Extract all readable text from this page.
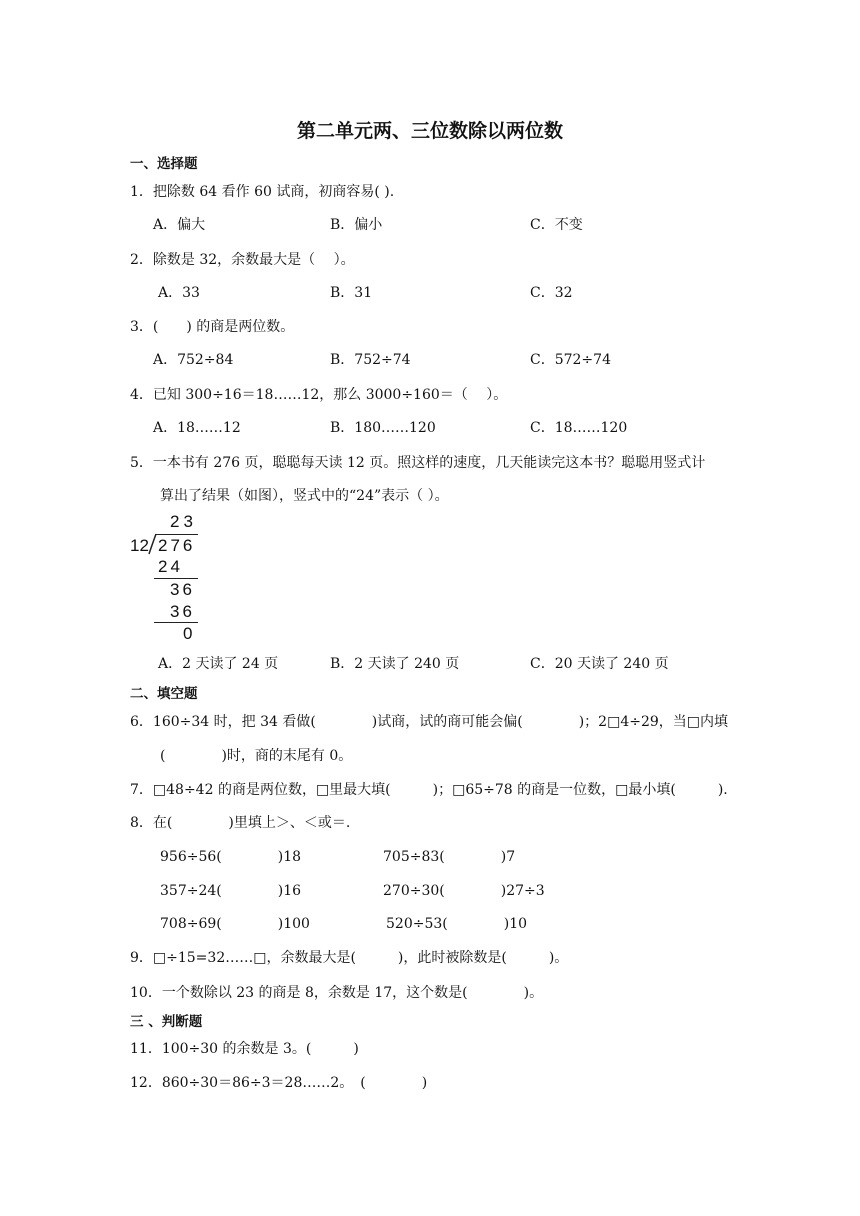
第二单元两、三位数除以两位数
一、选择题
1．把除数 64 看作 60 试商，初商容易( ).
A．偏大	B．偏小	C．不变
2．除数是 32，余数最大是（　 ）。
A．33	B．31	C．32
3．(　　) 的商是两位数。
A．752÷84	B．752÷74	C．572÷74
4．已知 300÷16＝18……12，那么 3000÷160＝（　 ）。
A．18……12	B．180……120	C．18……120
5．一本书有 276 页，聪聪每天读 12 页。照这样的速度，几天能读完这本书？聪聪用竖式计
算出了结果（如图），竖式中的“24”表示（ ）。
23
12 276
24
36
36
0
A．2 天读了 24 页	B．2 天读了 240 页	C．20 天读了 240 页
二、填空题
6．160÷34 时，把 34 看做(　　　　)试商，试的商可能会偏(　　　　)；2□4÷29，当□内填
(　　　　)时，商的末尾有 0。
7．□48÷42 的商是两位数，□里最大填(　　　)；□65÷78 的商是一位数，□最小填(　　　).
8．在(　　　　)里填上＞、＜或＝.
956÷56(　　　　)18	705÷83(　　　　)7
357÷24(　　　　)16	270÷30(　　　　)27÷3
708÷69(　　　　)100	520÷53(　　　　)10
9．□÷15=32……□，余数最大是(　　　)，此时被除数是(　　　)。
10．一个数除以 23 的商是 8，余数是 17，这个数是(　　　　)。
三 、判断题
11．100÷30 的余数是 3。(　　　)
12．860÷30＝86÷3＝28……2。　(　　　　)
